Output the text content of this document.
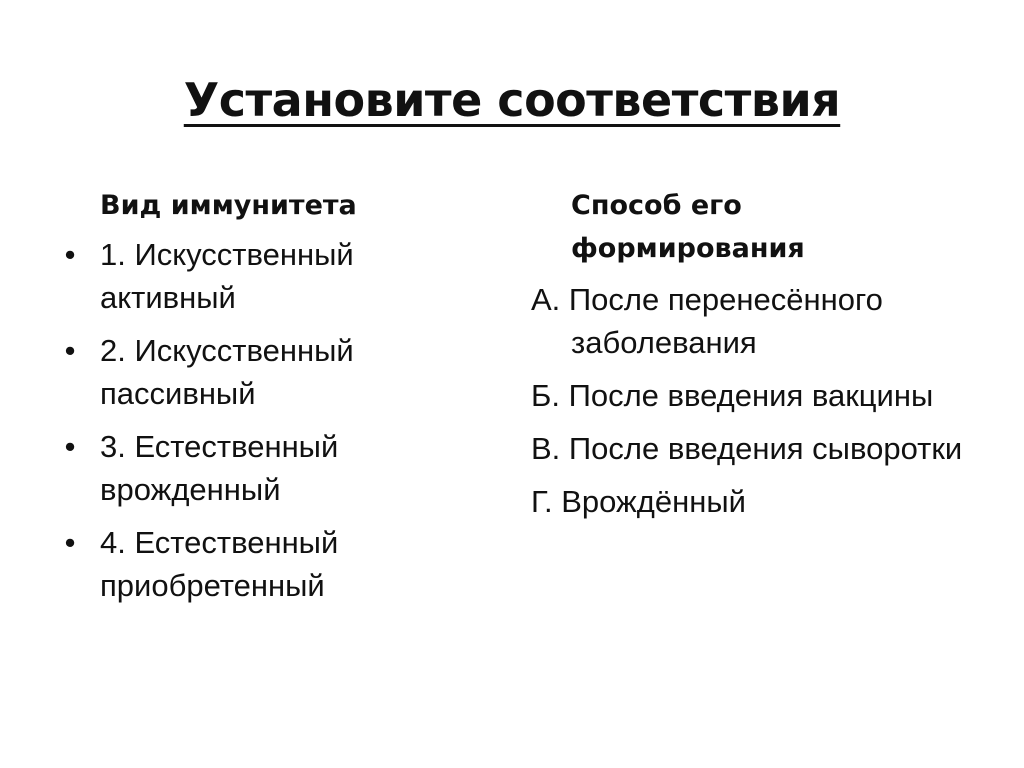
Установите соответствия
Вид иммунитета
• 1. Искусственный активный
• 2. Искусственный пассивный
• 3. Естественный врожденный
• 4. Естественный приобретенный
Способ его формирования
А. После перенесённого заболевания
Б. После введения вакцины
В. После введения сыворотки
Г. Врождённый
